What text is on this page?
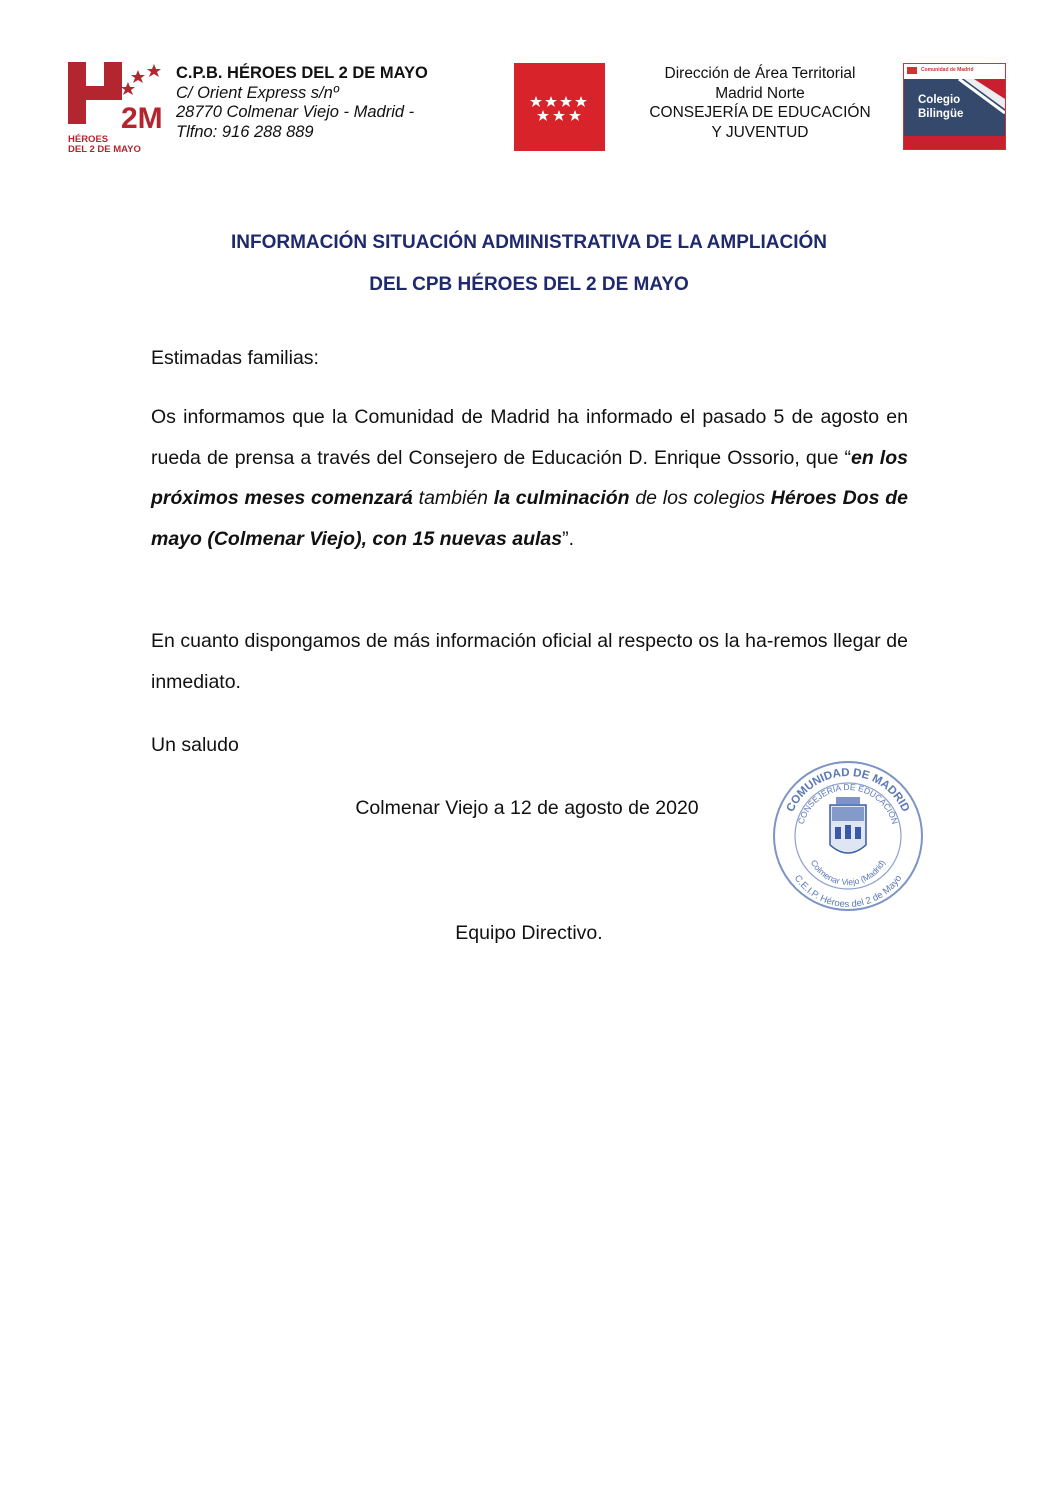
2M
HÉROES
DEL 2 DE MAYO
C.P.B. HÉROES DEL 2 DE MAYO
C/ Orient Express s/nº
28770 Colmenar Viejo - Madrid -
Tlfno: 916 288 889
Dirección de Área Territorial
Madrid Norte
CONSEJERÍA DE EDUCACIÓN
Y JUVENTUD
Comunidad de Madrid
Colegio
Bilingüe
INFORMACIÓN SITUACIÓN ADMINISTRATIVA DE LA AMPLIACIÓN
DEL CPB HÉROES DEL 2 DE MAYO
Estimadas familias:
Os informamos que la Comunidad de Madrid ha informado el pasado 5 de agosto en rueda de prensa a través del Consejero de Educación D. Enrique Ossorio, que “en los próximos meses comenzará también la culminación de los colegios Héroes Dos de mayo (Colmenar Viejo), con 15 nuevas aulas”.
En cuanto dispongamos de más información oficial al respecto os la ha-remos llegar de inmediato.
Un saludo
Colmenar Viejo a 12 de agosto de 2020
Equipo Directivo.
COMUNIDAD DE MADRID
CONSEJERÍA DE EDUCACIÓN
Colmenar Viejo (Madrid)
C.E.I.P. Héroes del 2 de Mayo
